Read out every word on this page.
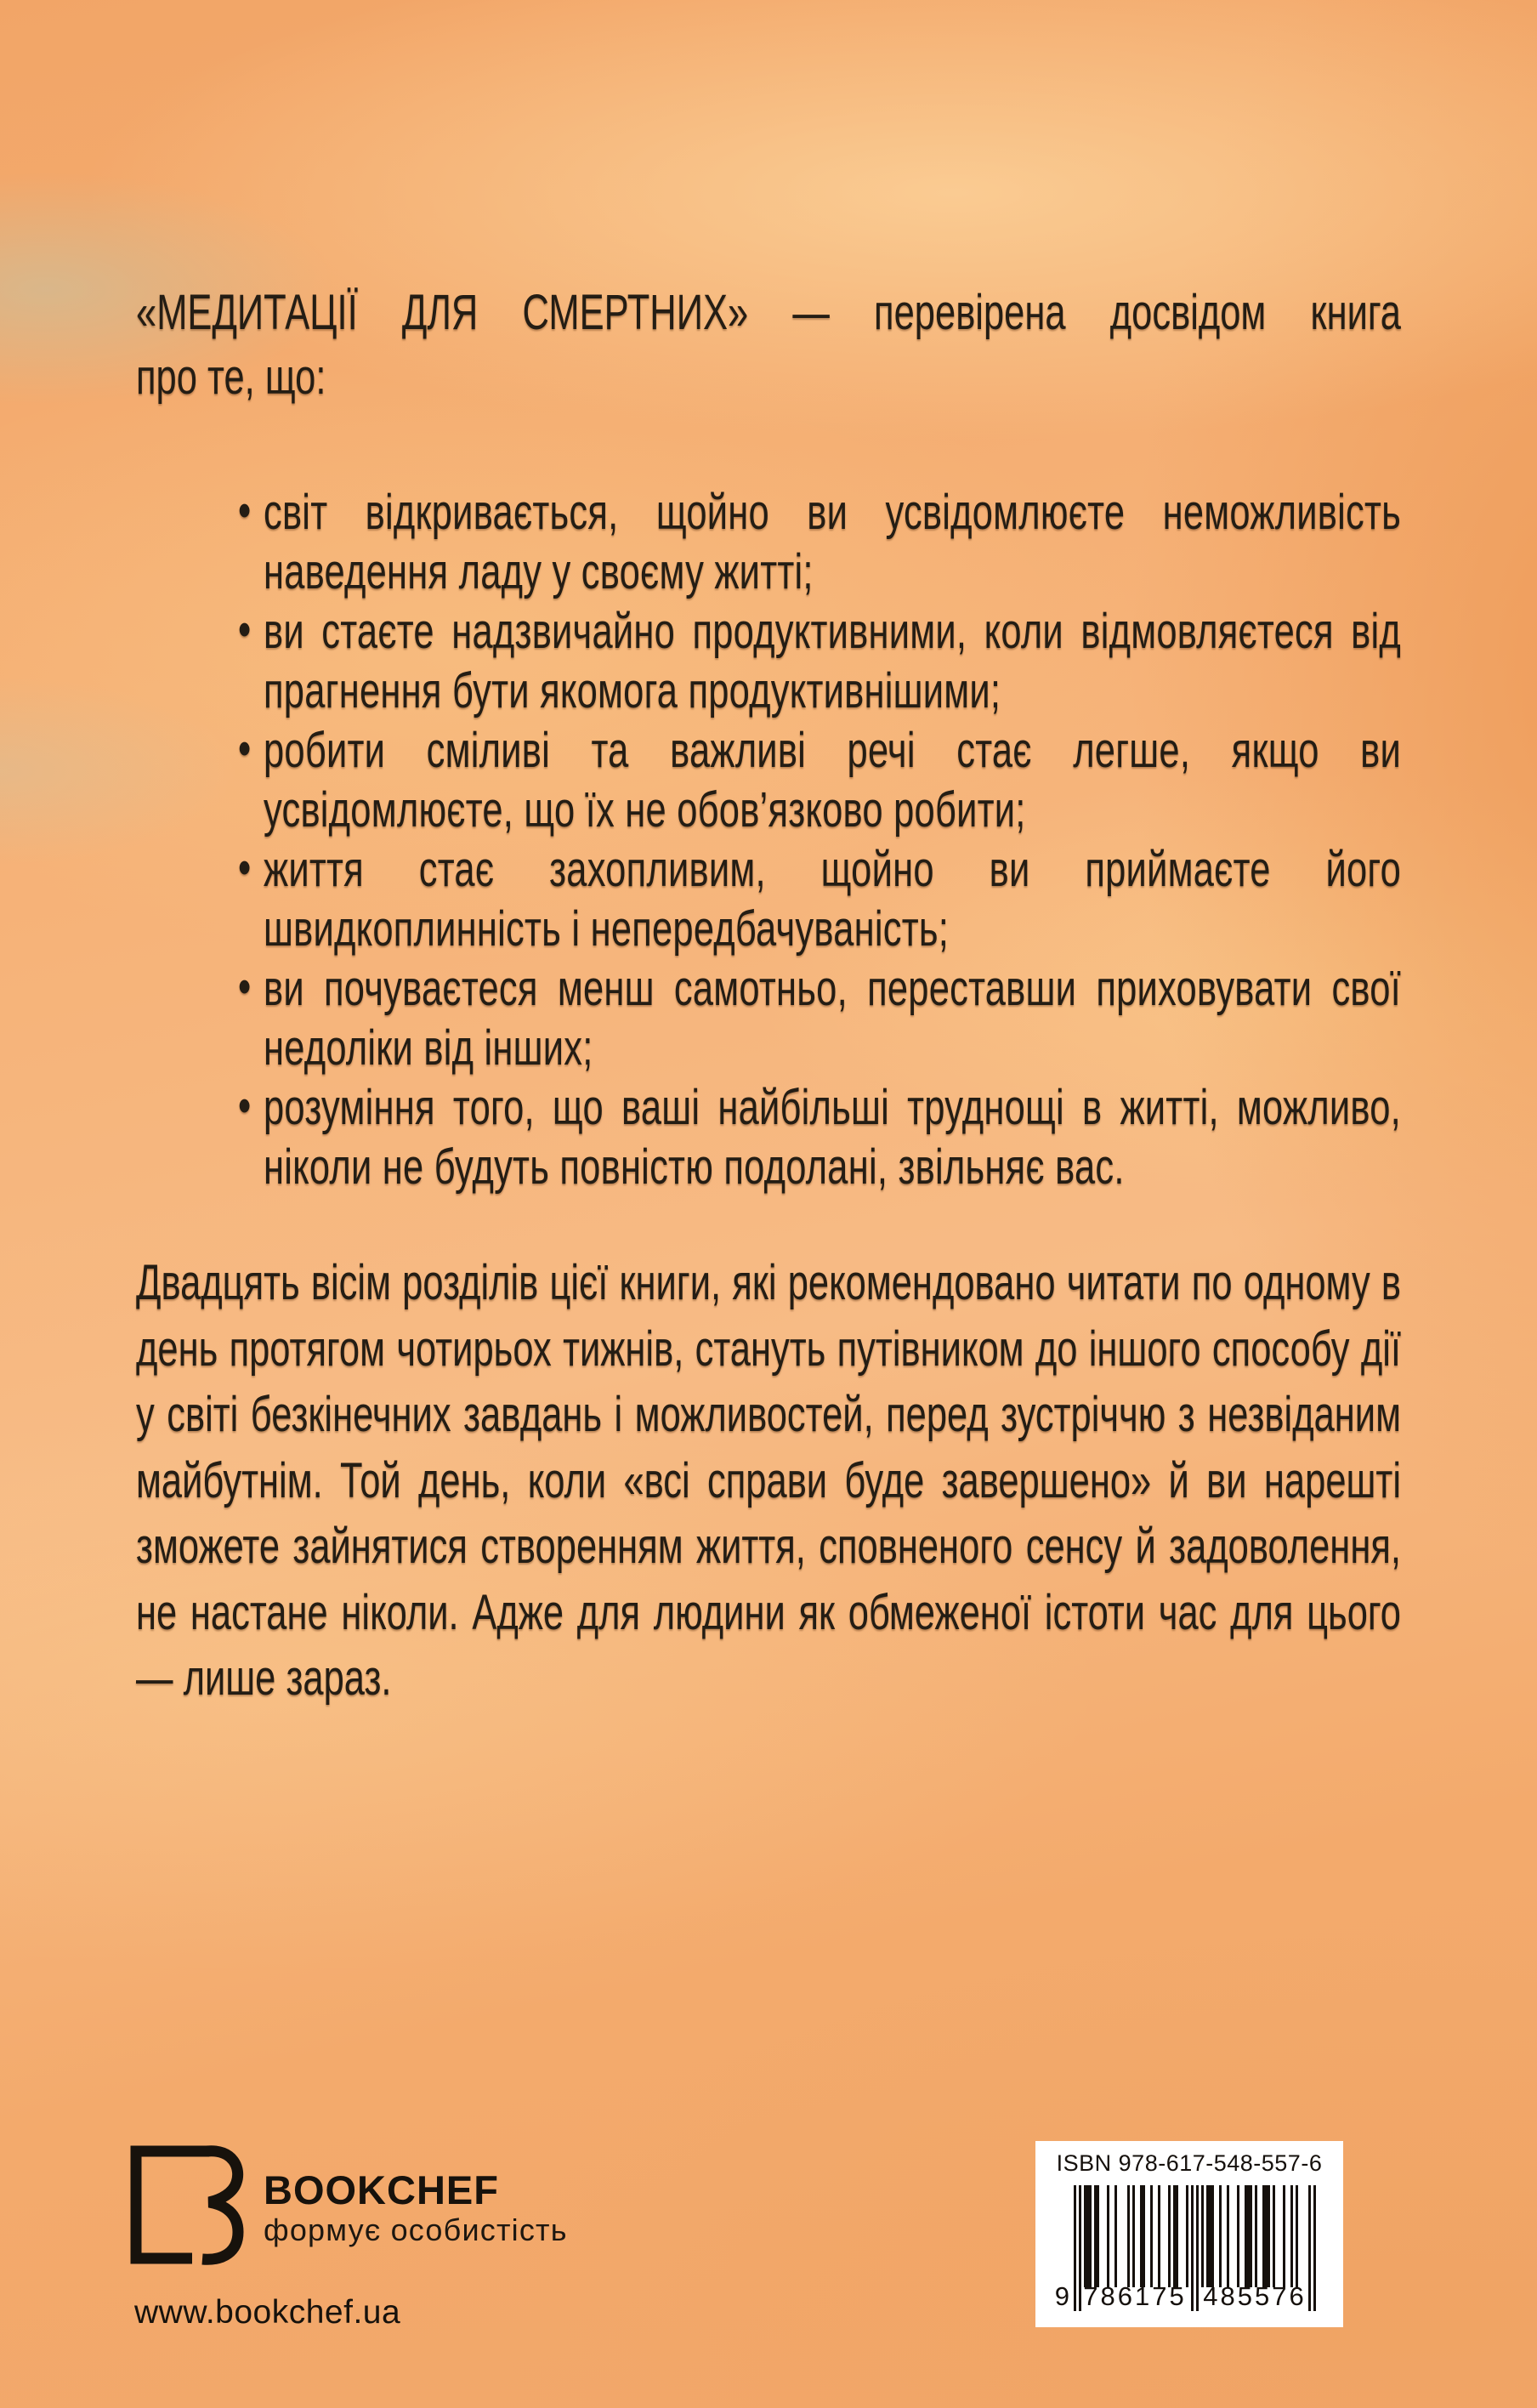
«МЕДИТАЦІЇ ДЛЯ СМЕРТНИХ» — перевірена досвідом книга
про те, що:
• світ відкривається, щойно ви усвідомлюєте неможливість наведення ладу у своєму житті;
• ви стаєте надзвичайно продуктивними, коли відмовляєтеся від прагнення бути якомога продуктивнішими;
• робити сміливі та важливі речі стає легше, якщо ви усвідомлюєте, що їх не обов’язково робити;
• життя стає захопливим, щойно ви приймаєте його швидкоплинність і непередбачуваність;
• ви почуваєтеся менш самотньо, переставши приховувати свої недоліки від інших;
• розуміння того, що ваші найбільші труднощі в житті, можливо, ніколи не будуть повністю подолані, звільняє вас.
Двадцять вісім розділів цієї книги, які рекомендовано читати по одному в день протягом чотирьох тижнів, стануть путівником до іншого способу дії у світі безкінечних завдань і можливостей, перед зустріччю з незвіданим майбутнім. Той день, коли «всі справи буде завершено» й ви нарешті зможете зайнятися створенням життя, сповненого сенсу й задоволення, не настане ніколи. Адже для людини як обмеженої істоти час для цього — лише зараз.
BOOKCHEF
формує особистість
www.bookchef.ua
ISBN 978-617-548-557-6
9 786175 485576
